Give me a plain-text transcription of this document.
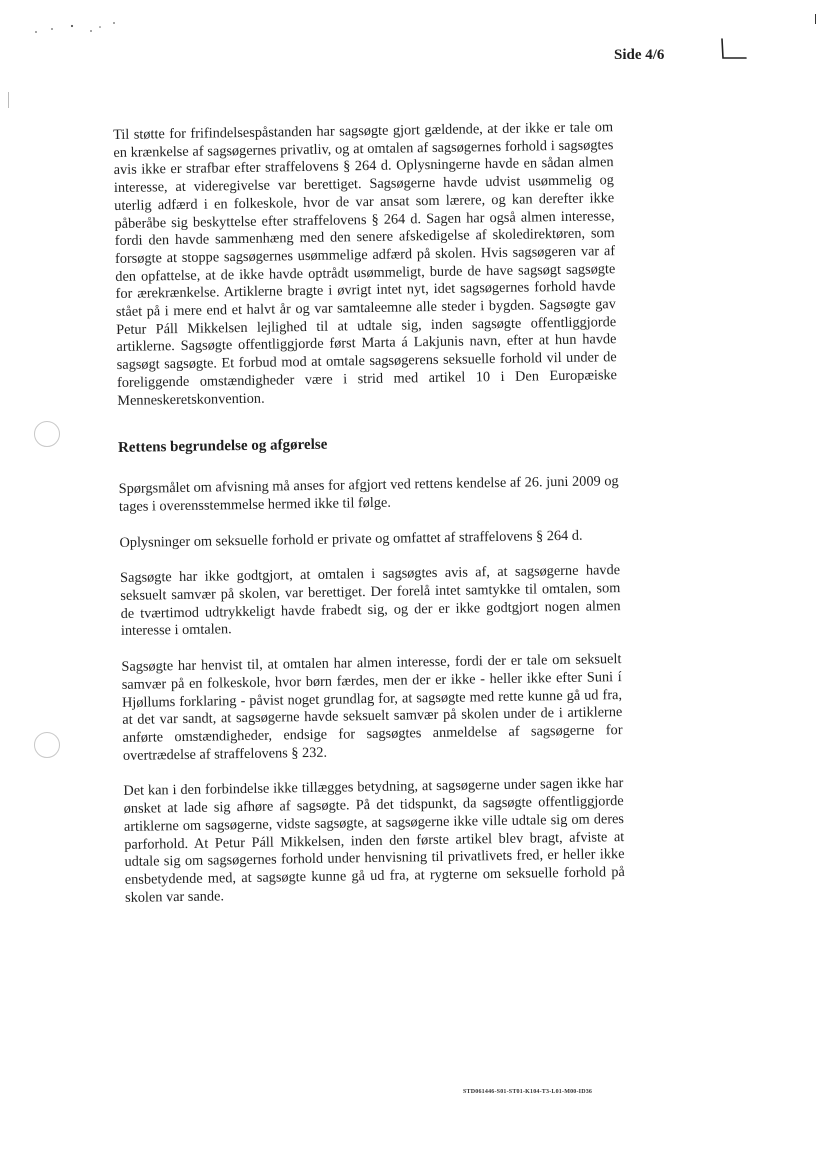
Side 4/6

Til støtte for frifindelsespåstanden har sagsøgte gjort gældende, at der ikke er tale om en krænkelse af sagsøgernes privatliv, og at omtalen af sagsøgernes forhold i sagsøgtes avis ikke er strafbar efter straffelovens § 264 d. Oplysningerne havde en sådan almen interesse, at videregivelse var berettiget. Sagsøgerne havde udvist usømmelig og uterlig adfærd i en folkeskole, hvor de var ansat som lærere, og kan derefter ikke påberåbe sig beskyttelse efter straffelovens § 264 d. Sagen har også almen interesse, fordi den havde sammenhæng med den senere afskedigelse af skoledirektøren, som forsøgte at stoppe sagsøgernes usømmelige adfærd på skolen. Hvis sagsøgeren var af den opfattelse, at de ikke havde optrådt usømmeligt, burde de have sagsøgt sagsøgte for ærekrænkelse. Artiklerne bragte i øvrigt intet nyt, idet sagsøgernes forhold havde stået på i mere end et halvt år og var samtaleemne alle steder i bygden. Sagsøgte gav Petur Páll Mikkelsen lejlighed til at udtale sig, inden sagsøgte offentliggjorde artiklerne. Sagsøgte offentliggjorde først Marta á Lakjunis navn, efter at hun havde sagsøgt sagsøgte. Et forbud mod at omtale sagsøgerens seksuelle forhold vil under de foreliggende omstændigheder være i strid med artikel 10 i Den Europæiske Menneskeretskonvention.

Rettens begrundelse og afgørelse

Spørgsmålet om afvisning må anses for afgjort ved rettens kendelse af 26. juni 2009 og tages i overensstemmelse hermed ikke til følge.

Oplysninger om seksuelle forhold er private og omfattet af straffelovens § 264 d.

Sagsøgte har ikke godtgjort, at omtalen i sagsøgtes avis af, at sagsøgerne havde seksuelt samvær på skolen, var berettiget. Der forelå intet samtykke til omtalen, som de tværtimod udtrykkeligt havde frabedt sig, og der er ikke godtgjort nogen almen interesse i omtalen.

Sagsøgte har henvist til, at omtalen har almen interesse, fordi der er tale om seksuelt samvær på en folkeskole, hvor børn færdes, men der er ikke - heller ikke efter Suni í Hjøllums forklaring - påvist noget grundlag for, at sagsøgte med rette kunne gå ud fra, at det var sandt, at sagsøgerne havde seksuelt samvær på skolen under de i artiklerne anførte omstændigheder, endsige for sagsøgtes anmeldelse af sagsøgerne for overtrædelse af straffelovens § 232.

Det kan i den forbindelse ikke tillægges betydning, at sagsøgerne under sagen ikke har ønsket at lade sig afhøre af sagsøgte. På det tidspunkt, da sagsøgte offentliggjorde artiklerne om sagsøgerne, vidste sagsøgte, at sagsøgerne ikke ville udtale sig om deres parforhold. At Petur Páll Mikkelsen, inden den første artikel blev bragt, afviste at udtale sig om sagsøgernes forhold under henvisning til privatlivets fred, er heller ikke ensbetydende med, at sagsøgte kunne gå ud fra, at rygterne om seksuelle forhold på skolen var sande.

STD061446-S01-ST01-K104-T3-L01-M00-ID36
